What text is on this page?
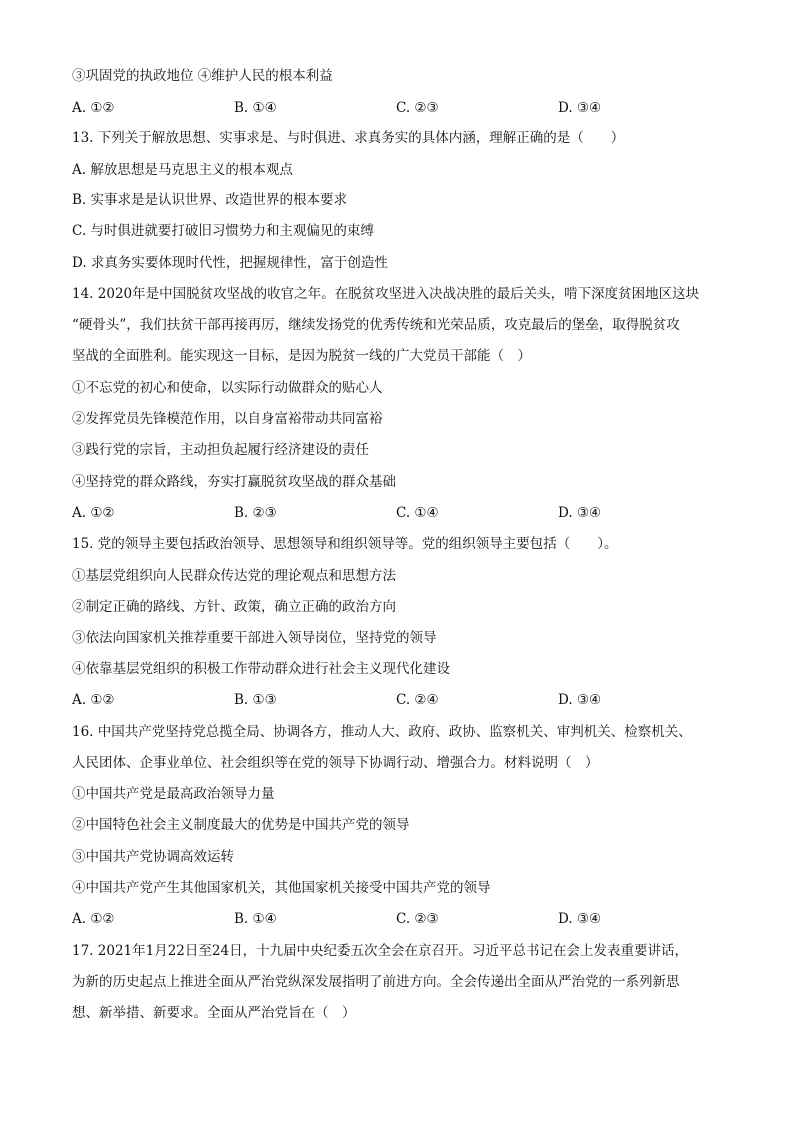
③巩固党的执政地位 ④维护人民的根本利益
A. ①②	B. ①④	C. ②③	D. ③④
13. 下列关于解放思想、实事求是、与时俱进、求真务实的具体内涵，理解正确的是（　　）
A. 解放思想是马克思主义的根本观点
B. 实事求是是认识世界、改造世界的根本要求
C. 与时俱进就要打破旧习惯势力和主观偏见的束缚
D. 求真务实要体现时代性，把握规律性，富于创造性
14. 2020年是中国脱贫攻坚战的收官之年。在脱贫攻坚进入决战决胜的最后关头，啃下深度贫困地区这块
“硬骨头”，我们扶贫干部再接再厉，继续发扬党的优秀传统和光荣品质，攻克最后的堡垒，取得脱贫攻
坚战的全面胜利。能实现这一目标，是因为脱贫一线的广大党员干部能（　）
①不忘党的初心和使命，以实际行动做群众的贴心人
②发挥党员先锋模范作用，以自身富裕带动共同富裕
③践行党的宗旨，主动担负起履行经济建设的责任
④坚持党的群众路线，夯实打赢脱贫攻坚战的群众基础
A. ①②	B. ②③	C. ①④	D. ③④
15. 党的领导主要包括政治领导、思想领导和组织领导等。党的组织领导主要包括（　　）。
①基层党组织向人民群众传达党的理论观点和思想方法
②制定正确的路线、方针、政策，确立正确的政治方向
③依法向国家机关推荐重要干部进入领导岗位，坚持党的领导
④依靠基层党组织的积极工作带动群众进行社会主义现代化建设
A. ①②	B. ①③	C. ②④	D. ③④
16. 中国共产党坚持党总揽全局、协调各方，推动人大、政府、政协、监察机关、审判机关、检察机关、
人民团体、企事业单位、社会组织等在党的领导下协调行动、增强合力。材料说明（　）
①中国共产党是最高政治领导力量
②中国特色社会主义制度最大的优势是中国共产党的领导
③中国共产党协调高效运转
④中国共产党产生其他国家机关，其他国家机关接受中国共产党的领导
A. ①②	B. ①④	C. ②③	D. ③④
17. 2021年1月22日至24日，十九届中央纪委五次全会在京召开。习近平总书记在会上发表重要讲话，
为新的历史起点上推进全面从严治党纵深发展指明了前进方向。全会传递出全面从严治党的一系列新思
想、新举措、新要求。全面从严治党旨在（　）
